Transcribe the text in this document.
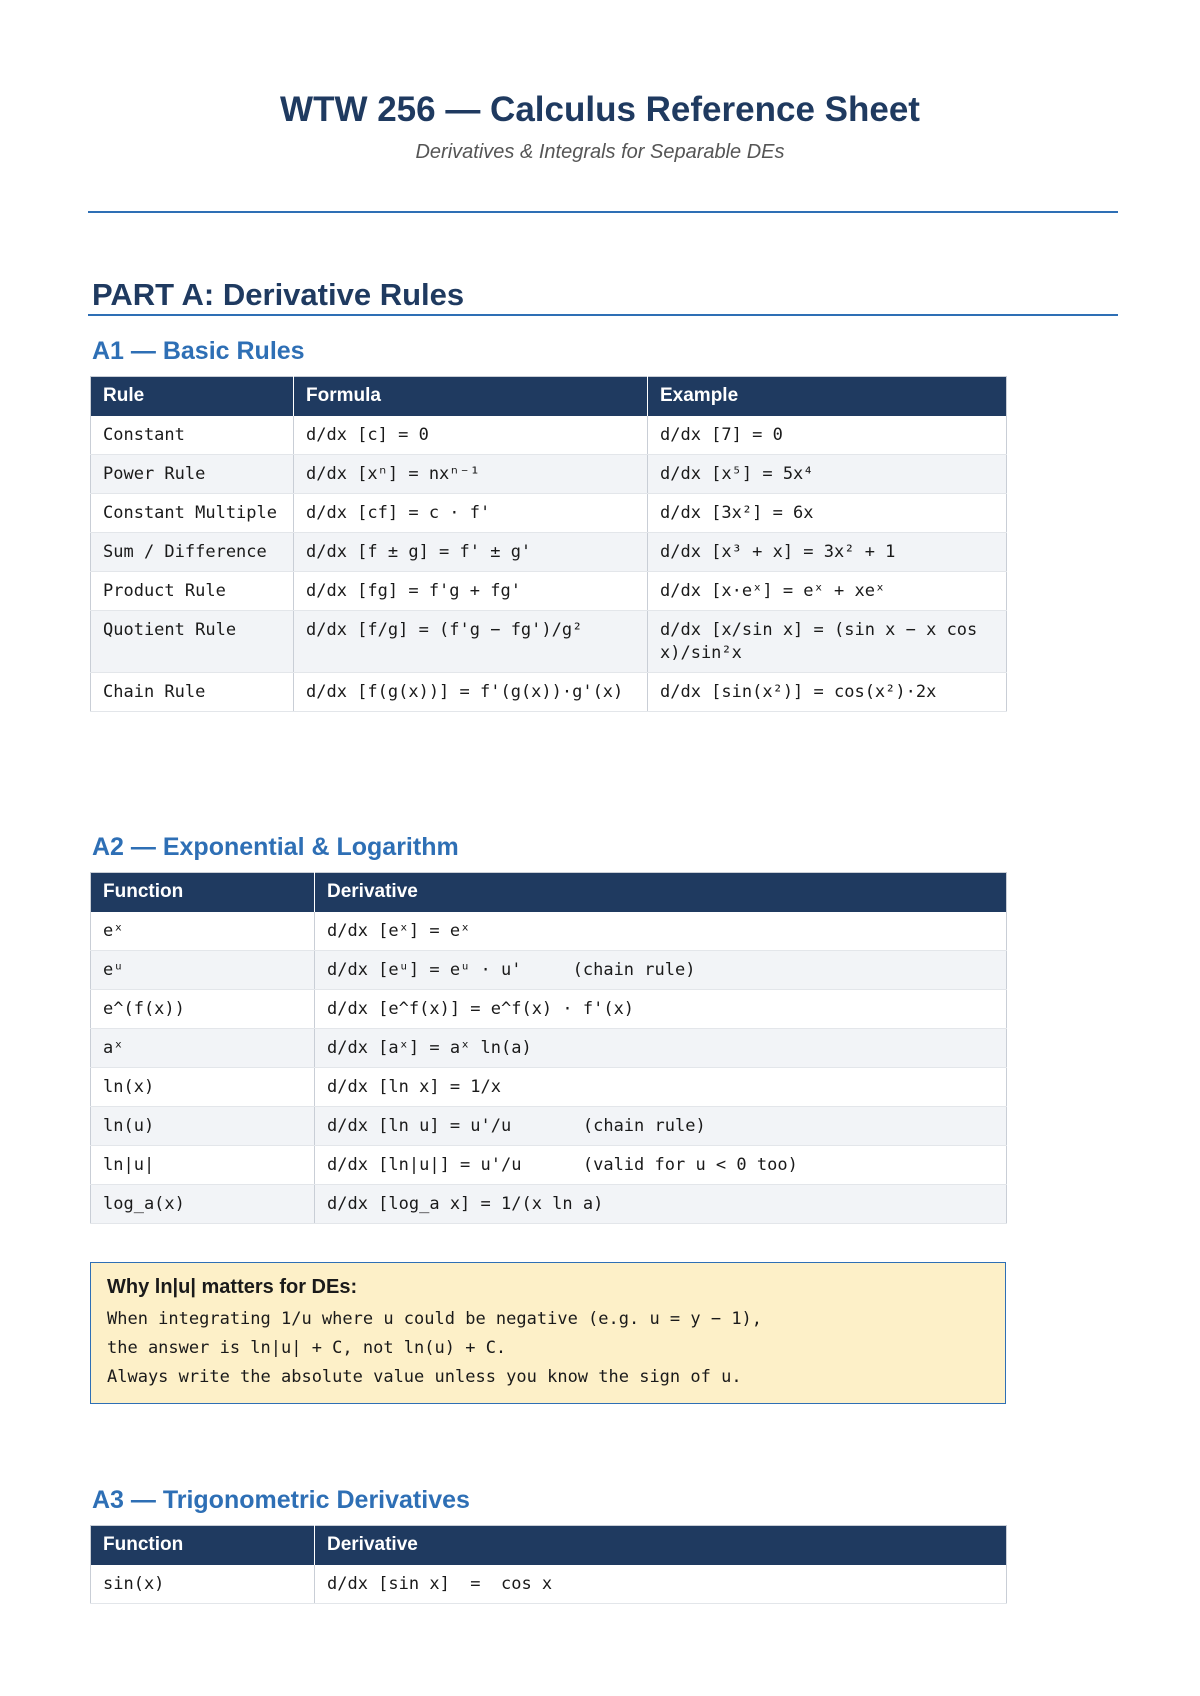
WTW 256 — Calculus Reference Sheet
Derivatives & Integrals for Separable DEs
PART A: Derivative Rules
A1 — Basic Rules
Rule	Formula	Example
Constant	d/dx [c] = 0	d/dx [7] = 0
Power Rule	d/dx [xⁿ] = nxⁿ⁻¹	d/dx [x⁵] = 5x⁴
Constant Multiple	d/dx [cf] = c · f'	d/dx [3x²] = 6x
Sum / Difference	d/dx [f ± g] = f' ± g'	d/dx [x³ + x] = 3x² + 1
Product Rule	d/dx [fg] = f'g + fg'	d/dx [x·eˣ] = eˣ + xeˣ
Quotient Rule	d/dx [f/g] = (f'g − fg')/g²	d/dx [x/sin x] = (sin x − x cos x)/sin²x
Chain Rule	d/dx [f(g(x))] = f'(g(x))·g'(x)	d/dx [sin(x²)] = cos(x²)·2x
A2 — Exponential & Logarithm
Function	Derivative
eˣ	d/dx [eˣ] = eˣ
eᵘ	d/dx [eᵘ] = eᵘ · u'     (chain rule)
e^(f(x))	d/dx [e^f(x)] = e^f(x) · f'(x)
aˣ	d/dx [aˣ] = aˣ ln(a)
ln(x)	d/dx [ln x] = 1/x
ln(u)	d/dx [ln u] = u'/u       (chain rule)
ln|u|	d/dx [ln|u|] = u'/u      (valid for u < 0 too)
log_a(x)	d/dx [log_a x] = 1/(x ln a)
Why ln|u| matters for DEs:
When integrating 1/u where u could be negative (e.g. u = y − 1),
the answer is ln|u| + C, not ln(u) + C.
Always write the absolute value unless you know the sign of u.
A3 — Trigonometric Derivatives
Function	Derivative
sin(x)	d/dx [sin x]  =  cos x
